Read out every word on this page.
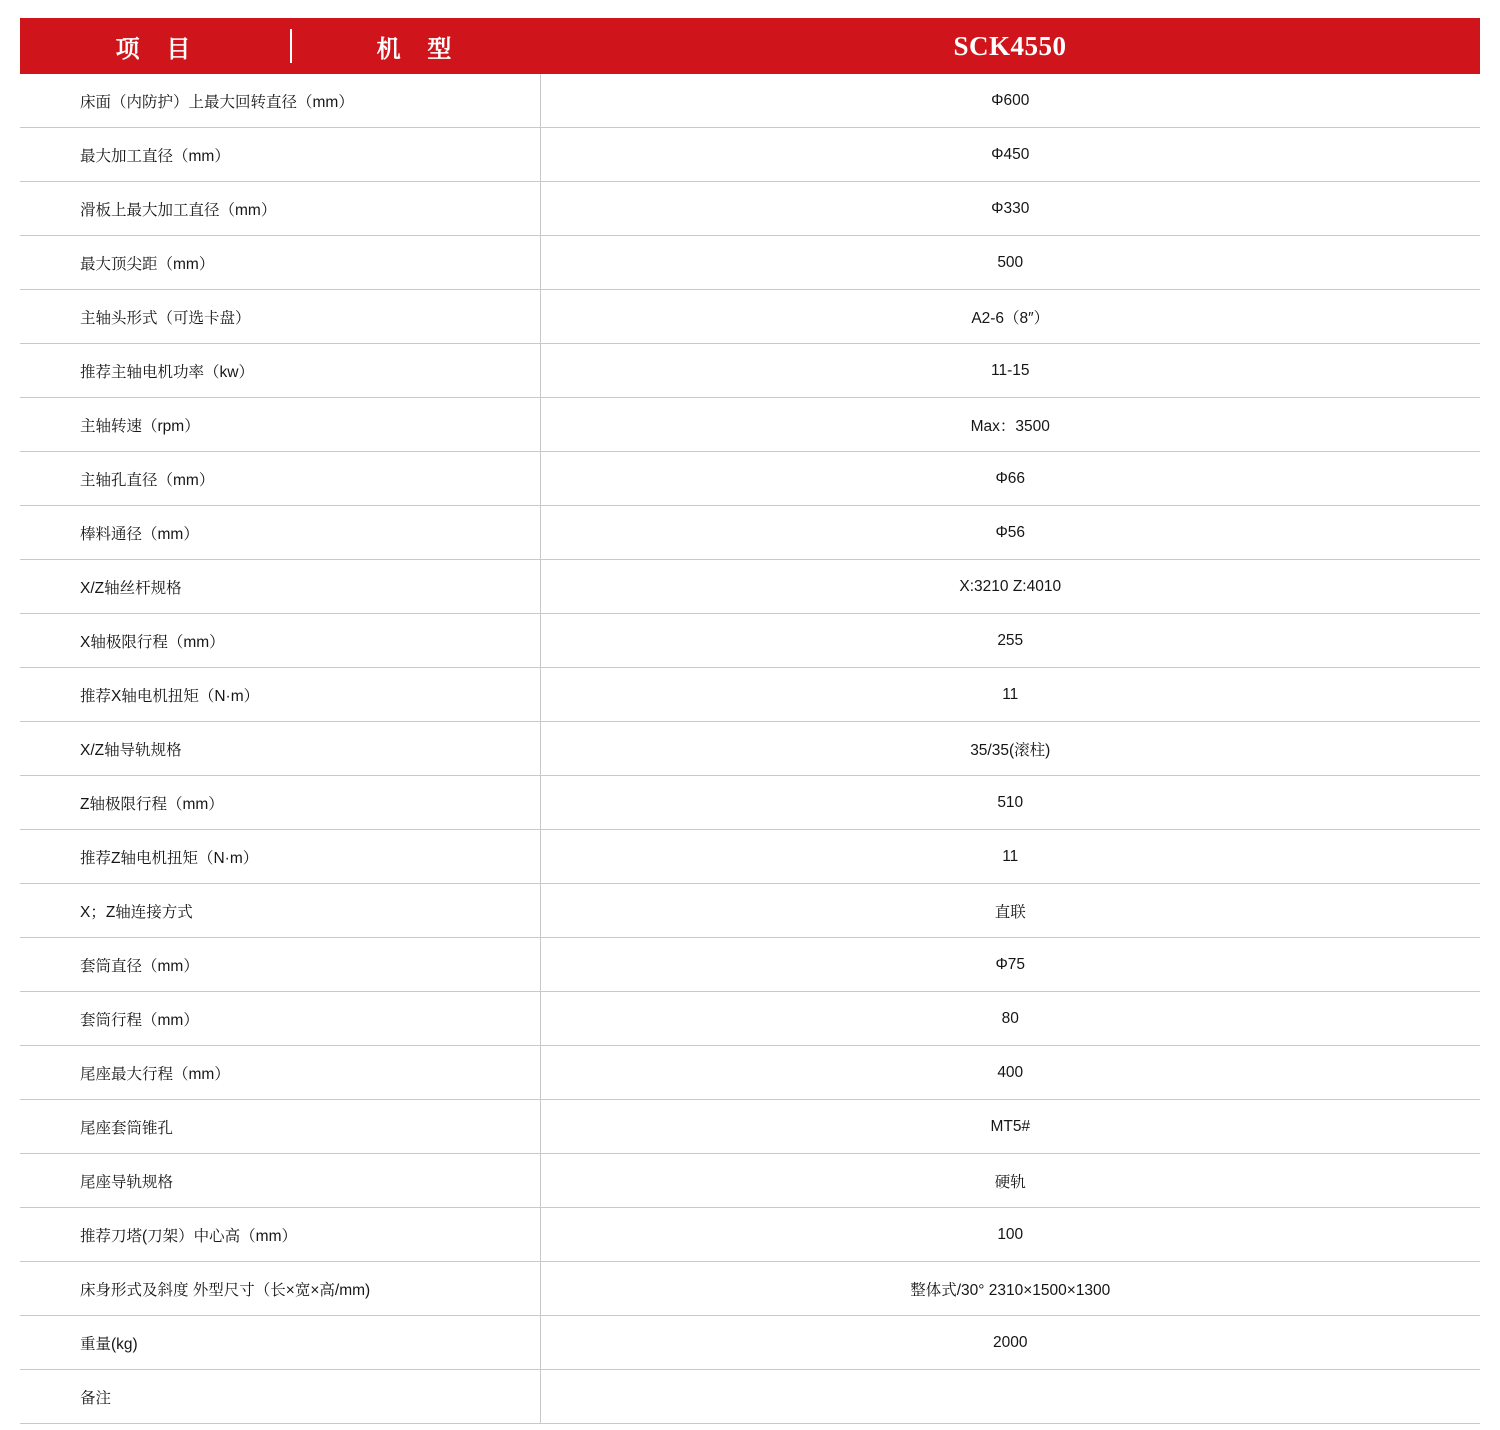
项 目 机 型	SCK4550
床面（内防护）上最大回转直径（mm）	Φ600
最大加工直径（mm）	Φ450
滑板上最大加工直径（mm）	Φ330
最大顶尖距（mm）	500
主轴头形式（可选卡盘）	A2-6（8″）
推荐主轴电机功率（kw）	11-15
主轴转速（rpm）	Max：3500
主轴孔直径（mm）	Φ66
棒料通径（mm）	Φ56
X/Z轴丝杆规格	X:3210 Z:4010
X轴极限行程（mm）	255
推荐X轴电机扭矩（N·m）	11
X/Z轴导轨规格	35/35(滚柱)
Z轴极限行程（mm）	510
推荐Z轴电机扭矩（N·m）	11
X；Z轴连接方式	直联
套筒直径（mm）	Φ75
套筒行程（mm）	80
尾座最大行程（mm）	400
尾座套筒锥孔	MT5#
尾座导轨规格	硬轨
推荐刀塔(刀架）中心高（mm）	100
床身形式及斜度 外型尺寸（长×宽×高/mm)	整体式/30° 2310×1500×1300
重量(kg)	2000
备注	
